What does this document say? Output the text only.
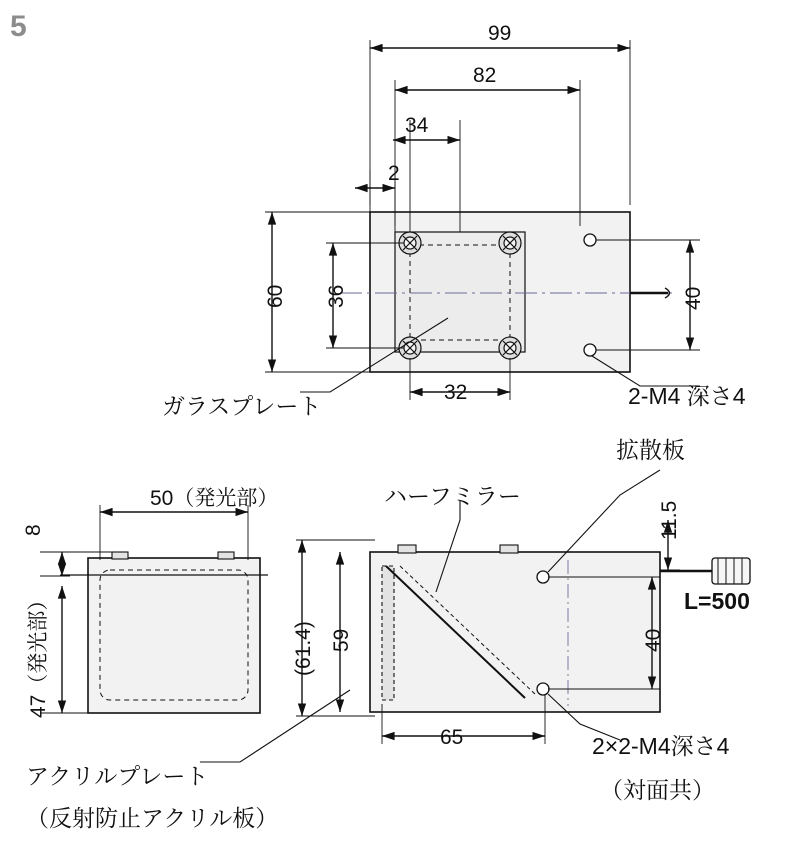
5	99
82
34
2
60 36
32
40
ガラスプレート	2-M4 深さ4
50（発光部）
8
47（発光部）
アクリルプレート
（反射防止アクリル板）
(61.4) 59
65
11.5
40
L=500
ハーフミラー
拡散板
2×2-M4深さ4
（対面共）
